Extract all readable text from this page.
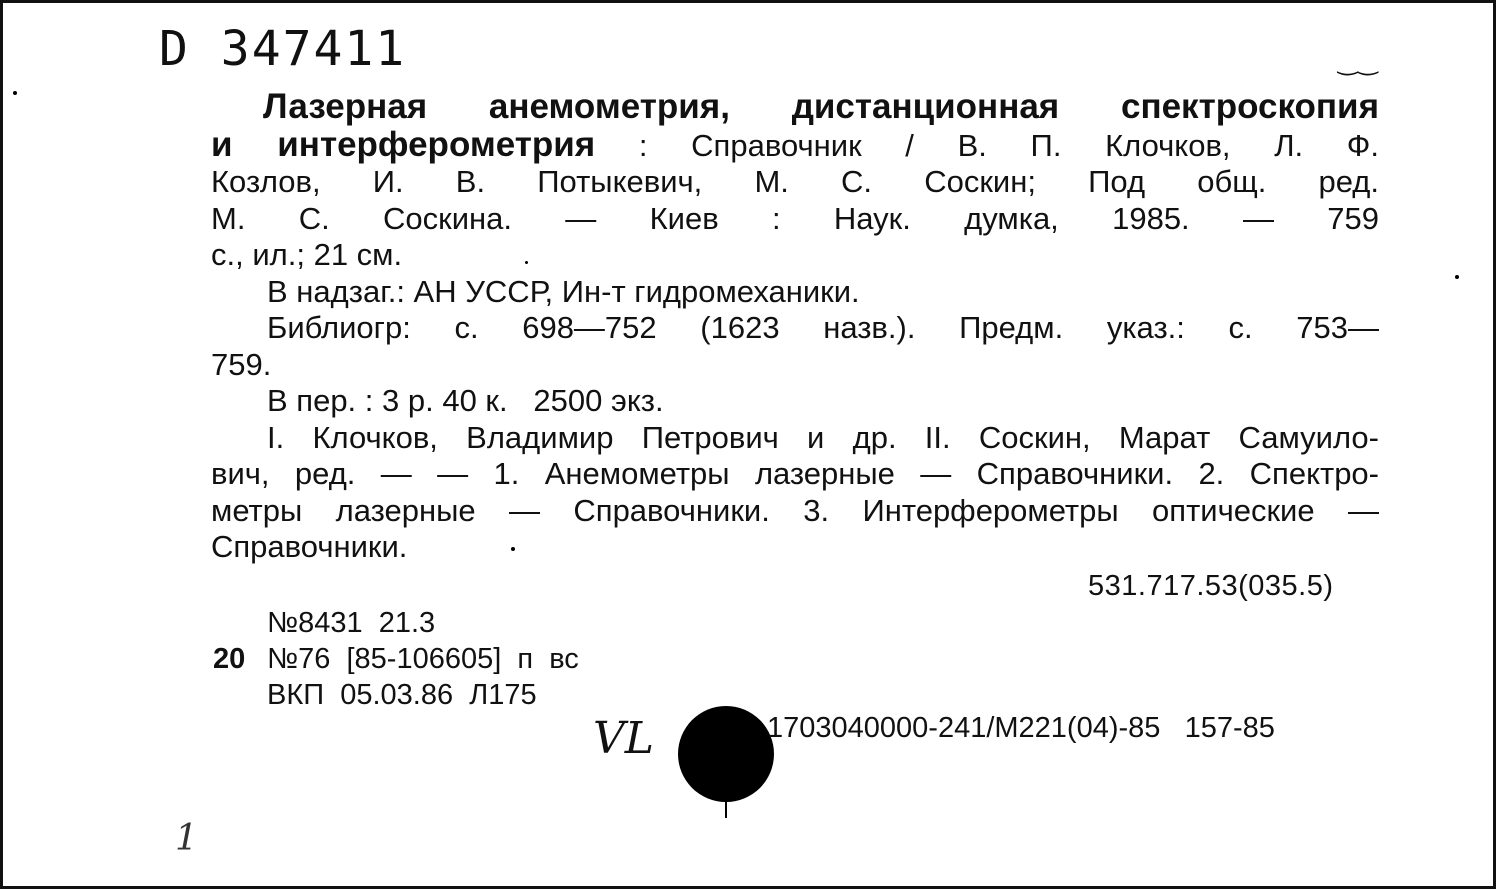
D 347411	‿‿
Лазерная анемометрия, дистанционная спектроскопия
и интерферометрия : Справочник / В. П. Клочков, Л. Ф.
Козлов, И. В. Потыкевич, М. С. Соскин; Под общ. ред.
М. С. Соскина. — Киев : Наук. думка, 1985. — 759
с., ил.; 21 см.
В надзаг.: АН УССР, Ин-т гидромеханики.
Библиогр: с. 698—752 (1623 назв.). Предм. указ.: с. 753—
759.
В пер. : 3 р. 40 к.   2500 экз.
I. Клочков, Владимир Петрович и др. II. Соскин, Марат Самуило-
вич, ред. — — 1. Анемометры лазерные — Справочники. 2. Спектро-
метры лазерные — Справочники. 3. Интерферометры оптические —
Справочники.
531.717.53(035.5)
№8431  21.3
20 №76  [85-106605]  п  вс
ВКП  05.03.86  Л175
VL	1703040000-241/М221(04)-85   157-85
1
